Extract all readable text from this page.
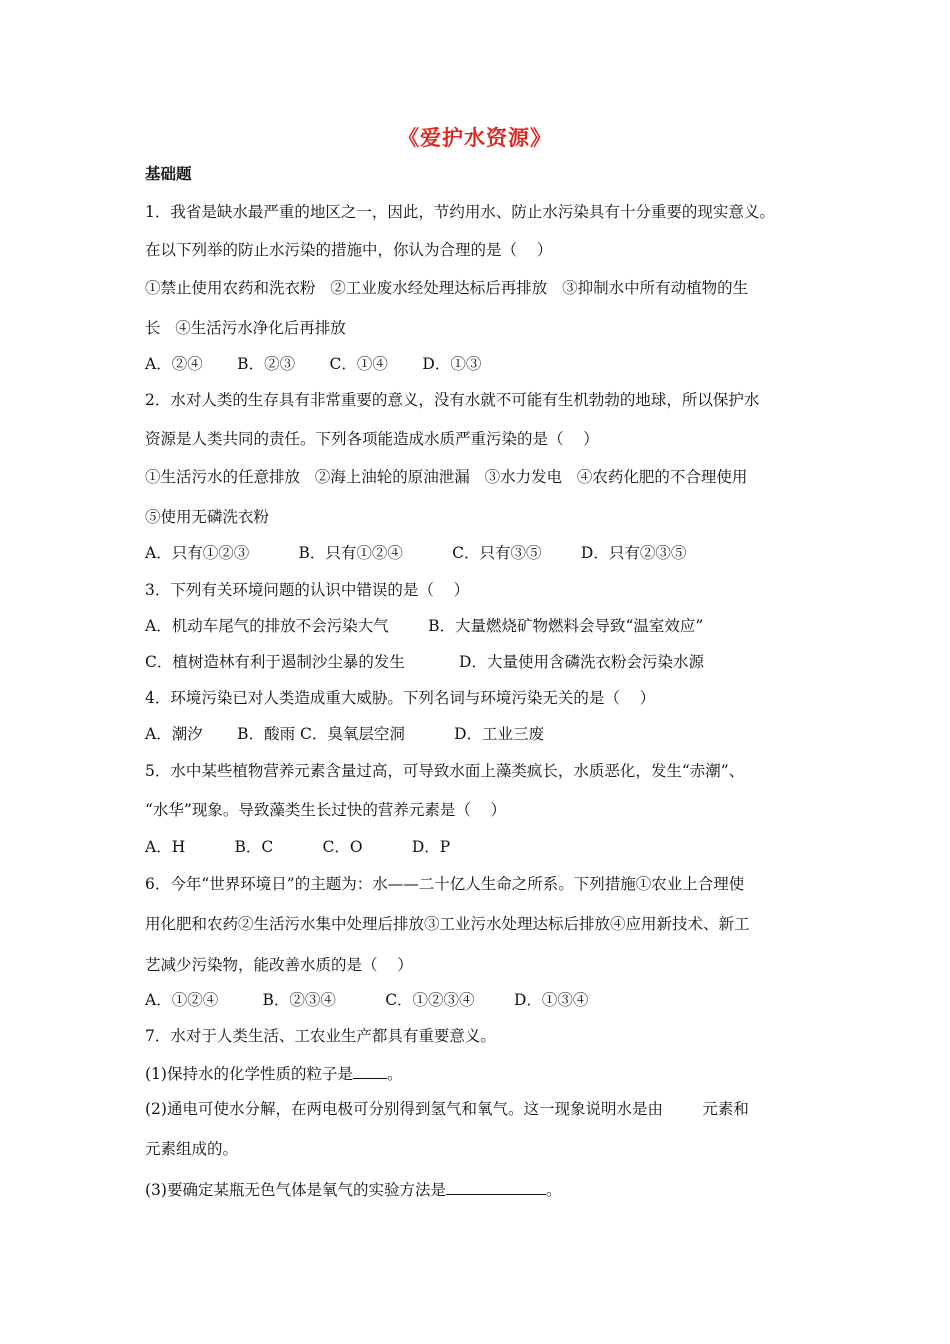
《爱护水资源》
基础题
1．我省是缺水最严重的地区之一，因此，节约用水、防止水污染具有十分重要的现实意义。
在以下列举的防止水污染的措施中，你认为合理的是（    ）
①禁止使用农药和洗衣粉   ②工业废水经处理达标后再排放   ③抑制水中所有动植物的生
长   ④生活污水净化后再排放
A．②④       B．②③       C．①④       D．①③
2．水对人类的生存具有非常重要的意义，没有水就不可能有生机勃勃的地球，所以保护水
资源是人类共同的责任。下列各项能造成水质严重污染的是（    ）
①生活污水的任意排放   ②海上油轮的原油泄漏   ③水力发电   ④农药化肥的不合理使用
⑤使用无磷洗衣粉
A．只有①②③          B．只有①②④          C．只有③⑤        D．只有②③⑤
3．下列有关环境问题的认识中错误的是（    ）
A．机动车尾气的排放不会污染大气        B．大量燃烧矿物燃料会导致“温室效应”
C．植树造林有利于遏制沙尘暴的发生           D．大量使用含磷洗衣粉会污染水源
4．环境污染已对人类造成重大威胁。下列名词与环境污染无关的是（    ）
A．潮汐       B．酸雨 C．臭氧层空洞          D．工业三废
5．水中某些植物营养元素含量过高，可导致水面上藻类疯长，水质恶化，发生“赤潮”、
“水华”现象。导致藻类生长过快的营养元素是（    ）
A．H          B．C          C．O          D．P
6．今年“世界环境日”的主题为：水——二十亿人生命之所系。下列措施①农业上合理使
用化肥和农药②生活污水集中处理后排放③工业污水处理达标后排放④应用新技术、新工
艺减少污染物，能改善水质的是（    ）
A．①②④         B．②③④          C．①②③④        D．①③④
7．水对于人类生活、工农业生产都具有重要意义。
(1)保持水的化学性质的粒子是 。
(2)通电可使水分解，在两电极可分别得到氢气和氧气。这一现象说明水是由        元素和
元素组成的。
(3)要确定某瓶无色气体是氧气的实验方法是	。
